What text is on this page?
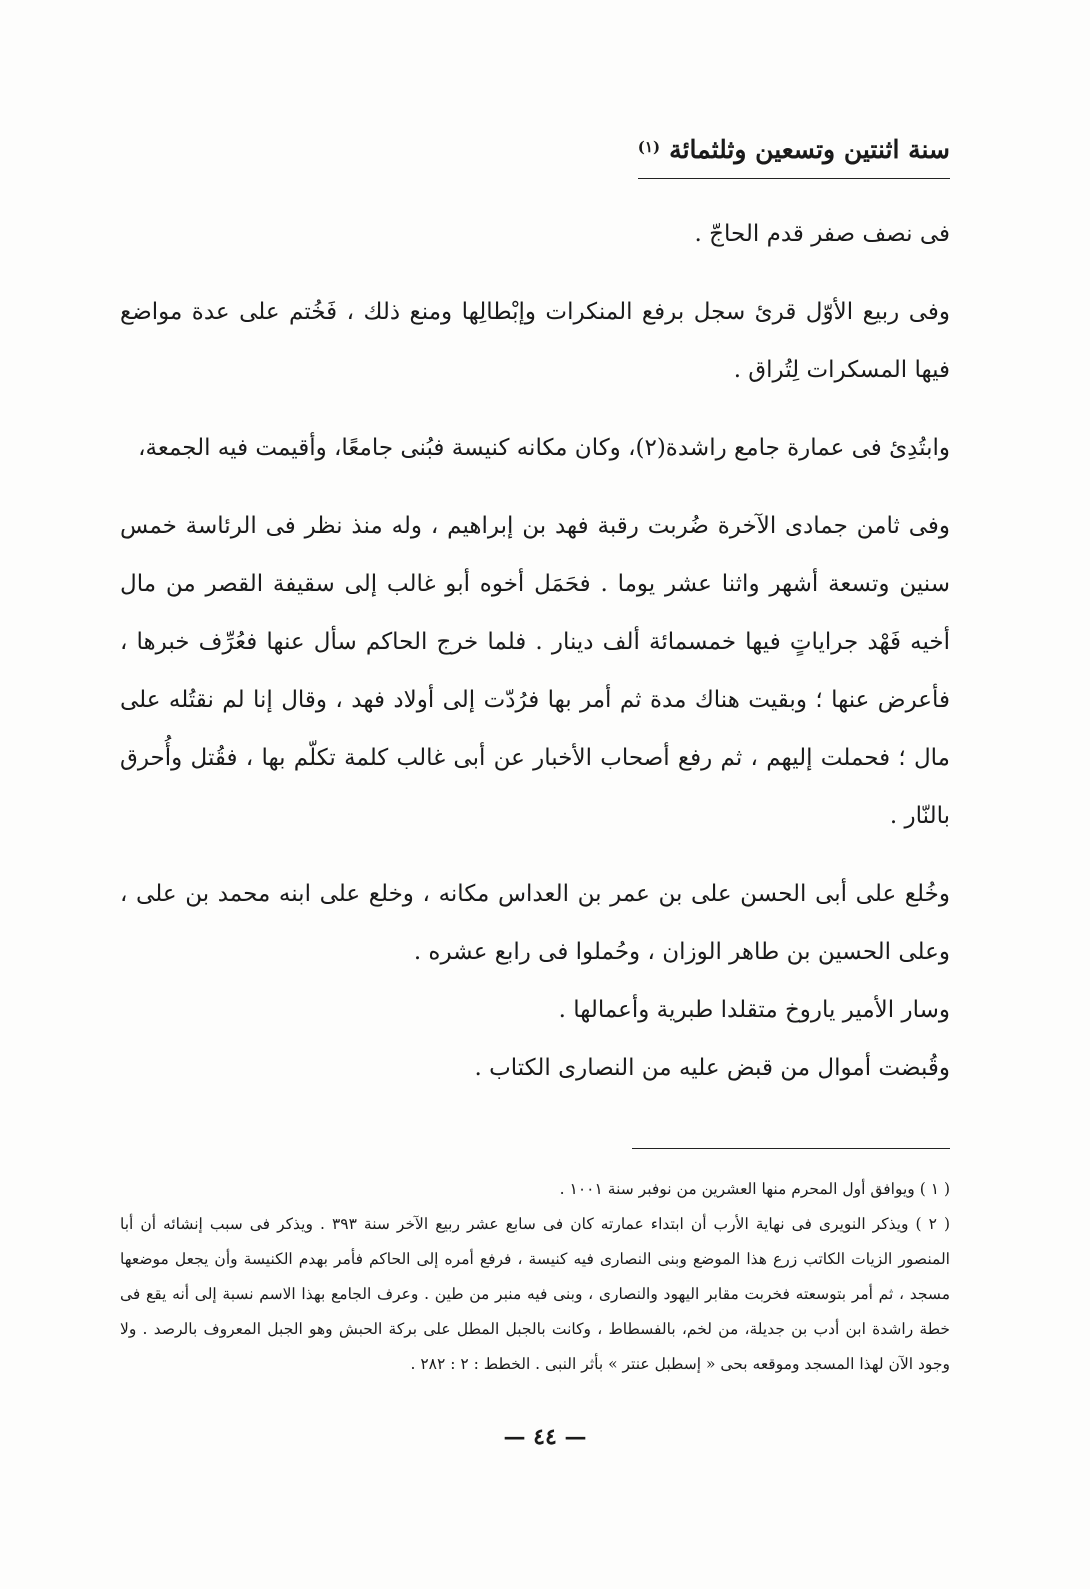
سنة اثنتين وتسعين وثلثمائة (١)

فى نصف صفر قدم الحاجّ .

وفى ربيع الأوّل قرئ سجل برفع المنكرات وإبْطالِها ومنع ذلك ، فَخُتم على عدة مواضع فيها المسكرات لِتُراق .

وابتُدِئ فى عمارة جامع راشدة(٢)، وكان مكانه كنيسة فبُنى جامعًا، وأقيمت فيه الجمعة،

وفى ثامن جمادى الآخرة ضُربت رقبة فهد بن إبراهيم ، وله منذ نظر فى الرئاسة خمس سنين وتسعة أشهر واثنا عشر يوما . فحَمَل أخوه أبو غالب إلى سقيفة القصر من مال أخيه فَهْد جراياتٍ فيها خمسمائة ألف دينار . فلما خرج الحاكم سأل عنها فعُرِّف خبرها ، فأعرض عنها ؛ وبقيت هناك مدة ثم أمر بها فرُدّت إلى أولاد فهد ، وقال إنا لم نقتُله على مال ؛ فحملت إليهم ، ثم رفع أصحاب الأخبار عن أبى غالب كلمة تكلّم بها ، فقُتل وأُحرق بالنّار .

وخُلع على أبى الحسن على بن عمر بن العداس مكانه ، وخلع على ابنه محمد بن على ، وعلى الحسين بن طاهر الوزان ، وحُملوا فى رابع عشره .

وسار الأمير ياروخ متقلدا طبرية وأعمالها .

وقُبضت أموال من قبض عليه من النصارى الكتاب .

( ١ ) ويوافق أول المحرم منها العشرين من نوفبر سنة ١٠٠١ .

( ٢ ) ويذكر النويرى فى نهاية الأرب أن ابتداء عمارته كان فى سابع عشر ربيع الآخر سنة ٣٩٣ . ويذكر فى سبب إنشائه أن أبا المنصور الزيات الكاتب زرع هذا الموضع وبنى النصارى فيه كنيسة ، فرفع أمره إلى الحاكم فأمر بهدم الكنيسة وأن يجعل موضعها مسجد ، ثم أمر بتوسعته فخربت مقابر اليهود والنصارى ، وبنى فيه منبر من طين . وعرف الجامع بهذا الاسم نسبة إلى أنه يقع فى خطة راشدة ابن أدب بن جديلة، من لخم، بالفسطاط ، وكانت بالجبل المطل على بركة الحبش وهو الجبل المعروف بالرصد . ولا وجود الآن لهذا المسجد وموقعه بحى « إسطبل عنتر » بأثر النبى . الخطط : ٢ : ٢٨٢ .

— ٤٤ —
